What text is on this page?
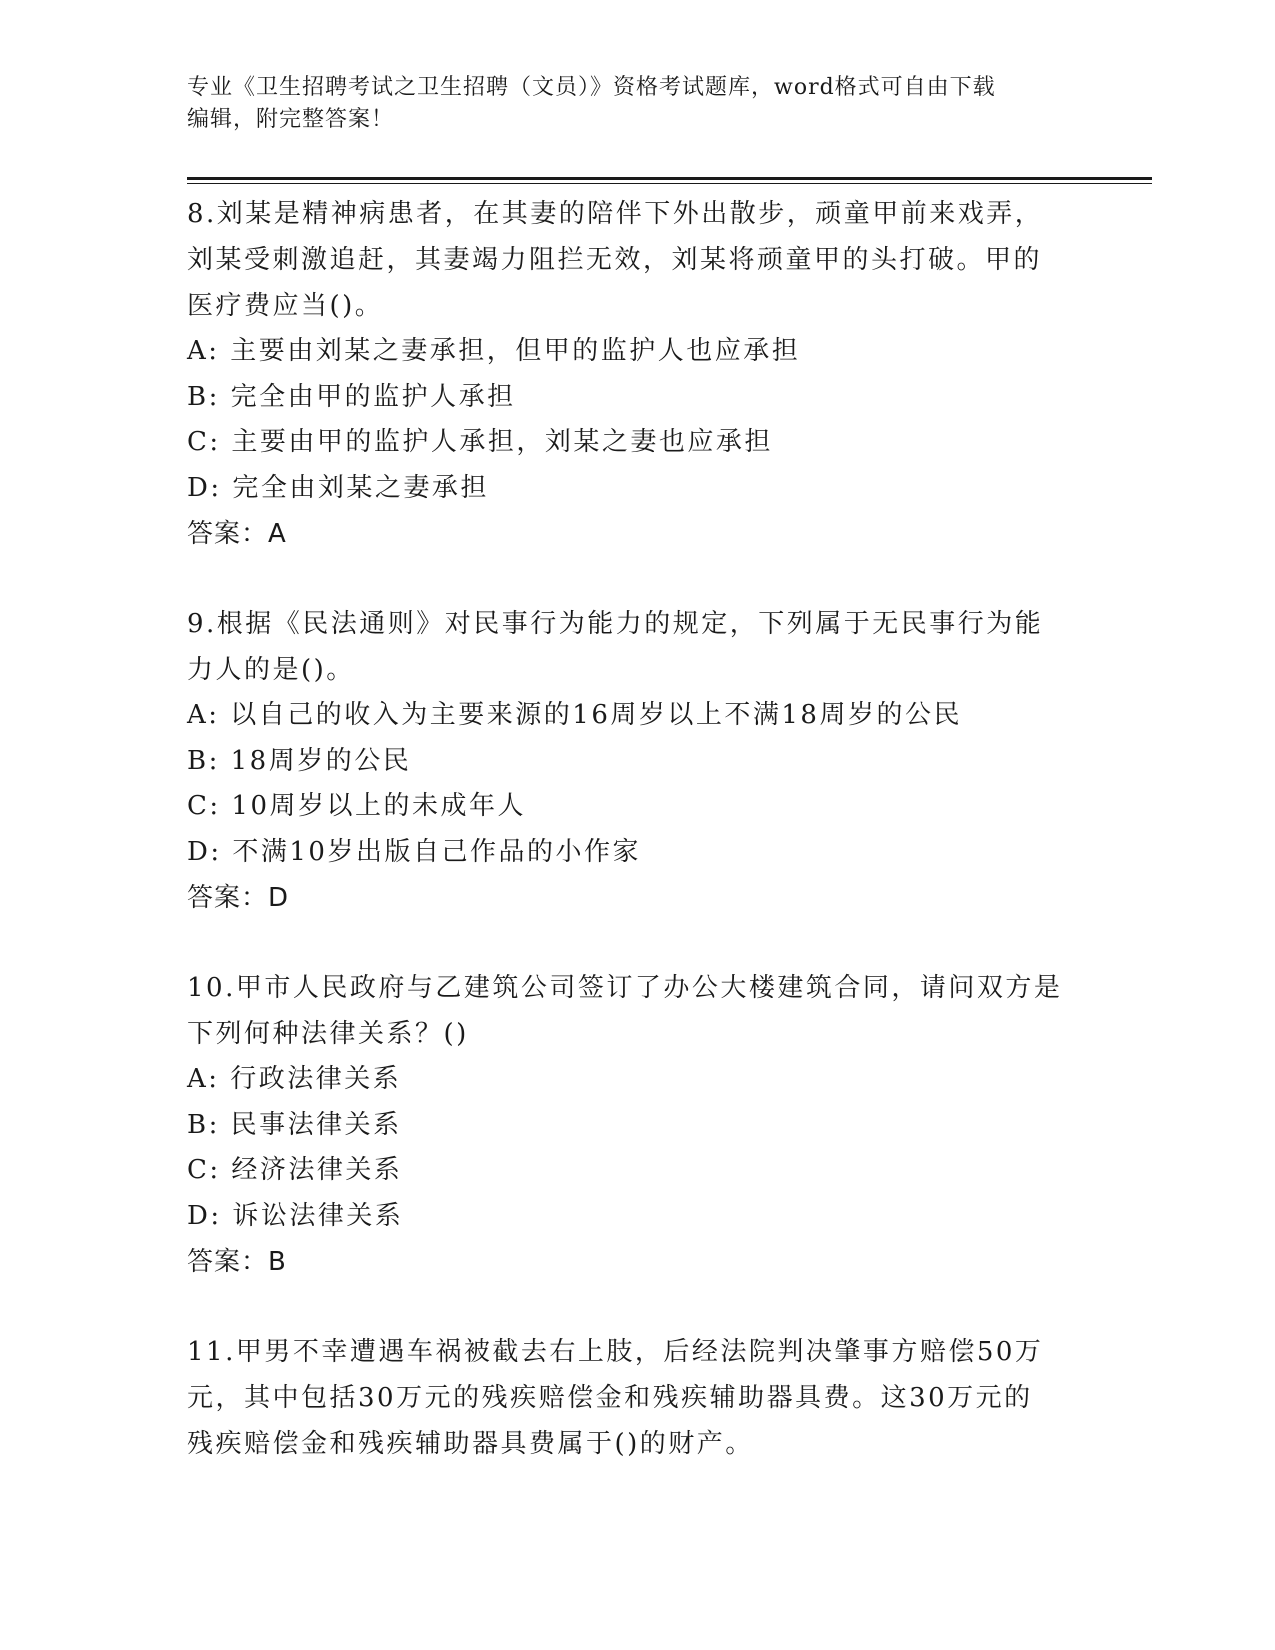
专业《卫生招聘考试之卫生招聘（文员）》资格考试题库，word格式可自由下载
编辑，附完整答案！
8.刘某是精神病患者，在其妻的陪伴下外出散步，顽童甲前来戏弄，
刘某受刺激追赶，其妻竭力阻拦无效，刘某将顽童甲的头打破。甲的
医疗费应当()。
A: 主要由刘某之妻承担，但甲的监护人也应承担
B: 完全由甲的监护人承担
C: 主要由甲的监护人承担，刘某之妻也应承担
D: 完全由刘某之妻承担
答案：A
9.根据《民法通则》对民事行为能力的规定，下列属于无民事行为能
力人的是()。
A: 以自己的收入为主要来源的16周岁以上不满18周岁的公民
B: 18周岁的公民
C: 10周岁以上的未成年人
D: 不满10岁出版自己作品的小作家
答案：D
10.甲市人民政府与乙建筑公司签订了办公大楼建筑合同，请问双方是
下列何种法律关系？()
A: 行政法律关系
B: 民事法律关系
C: 经济法律关系
D: 诉讼法律关系
答案：B
11.甲男不幸遭遇车祸被截去右上肢，后经法院判决肇事方赔偿50万
元，其中包括30万元的残疾赔偿金和残疾辅助器具费。这30万元的
残疾赔偿金和残疾辅助器具费属于()的财产。
